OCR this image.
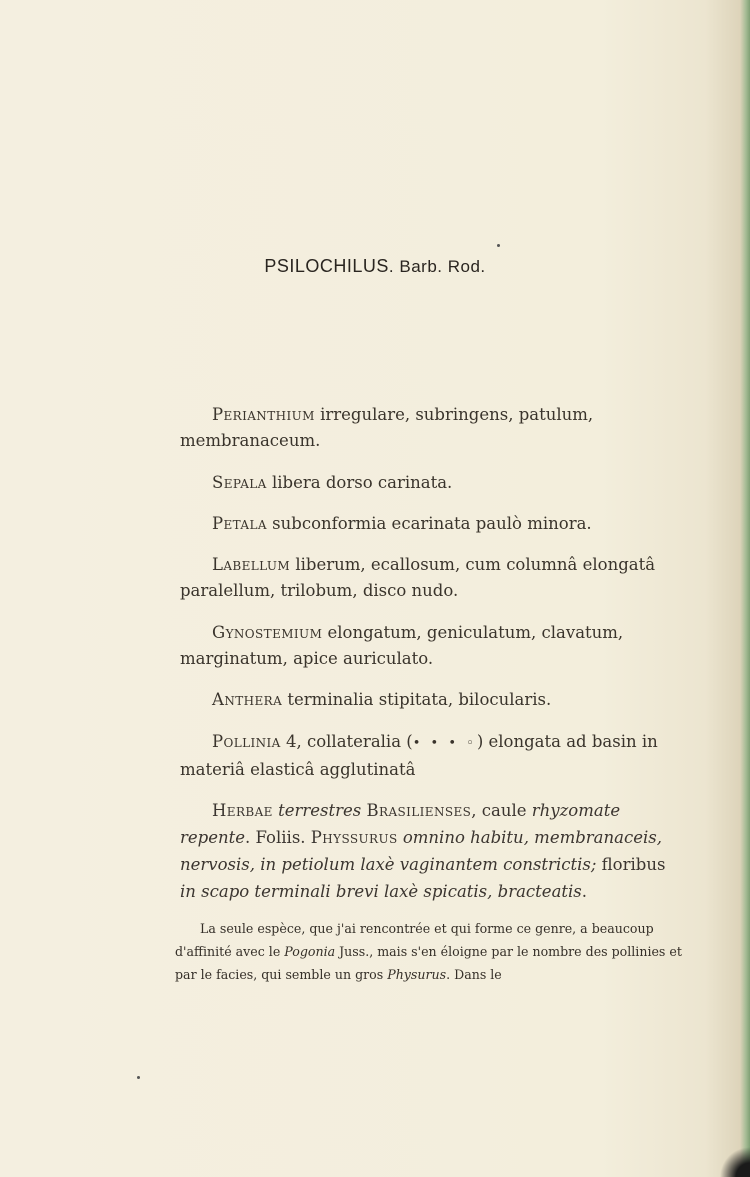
PSILOCHILUS. Barb. Rod.
Perianthium irregulare, subringens, patulum, membranaceum.
Sepala libera dorso carinata.
Petala subconformia ecarinata paulò minora.
Labellum liberum, ecallosum, cum columnâ elongatâ paralellum, trilobum, disco nudo.
Gynostemium elongatum, geniculatum, clavatum, marginatum, apice auriculato.
Anthera terminalia stipitata, bilocularis.
Pollinia 4, collateralia (• • • ◦) elongata ad basin in materiâ elasticâ agglutinatâ
Herbae terrestres Brasilienses, caule rhyzomate repente. Foliis. Physsurus omnino habitu, membranaceis, nervosis, in petiolum laxè vaginantem constrictis; floribus in scapo terminali brevi laxè spicatis, bracteatis.
La seule espèce, que j'ai rencontrée et qui forme ce genre, a beaucoup d'affinité avec le Pogonia Juss., mais s'en éloigne par le nombre des pollinies et par le facies, qui semble un gros Physurus. Dans le
